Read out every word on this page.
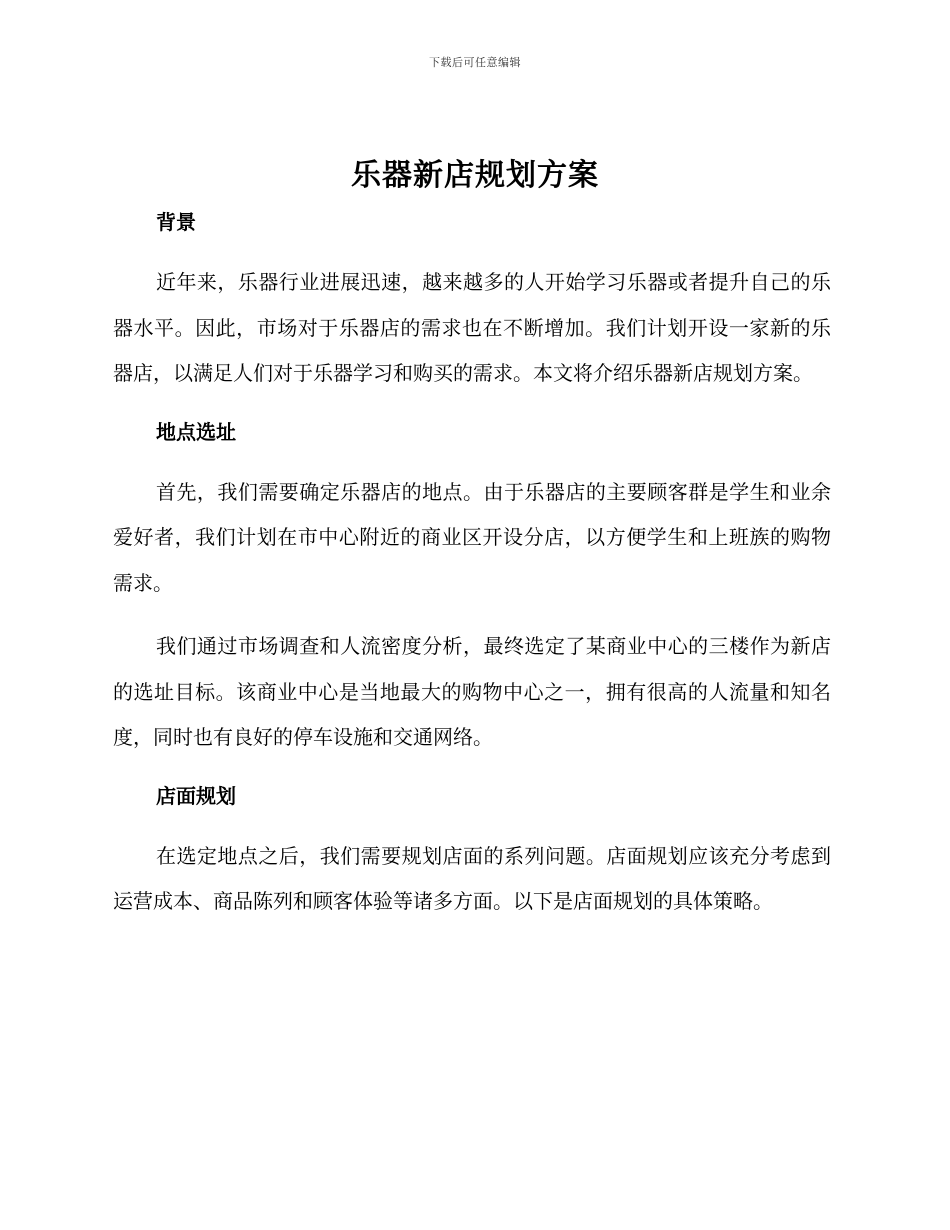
下载后可任意编辑
乐器新店规划方案
背景

近年来，乐器行业进展迅速，越来越多的人开始学习乐器或者提升自己的乐器水平。因此，市场对于乐器店的需求也在不断增加。我们计划开设一家新的乐器店，以满足人们对于乐器学习和购买的需求。本文将介绍乐器新店规划方案。

地点选址

首先，我们需要确定乐器店的地点。由于乐器店的主要顾客群是学生和业余爱好者，我们计划在市中心附近的商业区开设分店，以方便学生和上班族的购物需求。

我们通过市场调查和人流密度分析，最终选定了某商业中心的三楼作为新店的选址目标。该商业中心是当地最大的购物中心之一，拥有很高的人流量和知名度，同时也有良好的停车设施和交通网络。

店面规划

在选定地点之后，我们需要规划店面的系列问题。店面规划应该充分考虑到运营成本、商品陈列和顾客体验等诸多方面。以下是店面规划的具体策略。
